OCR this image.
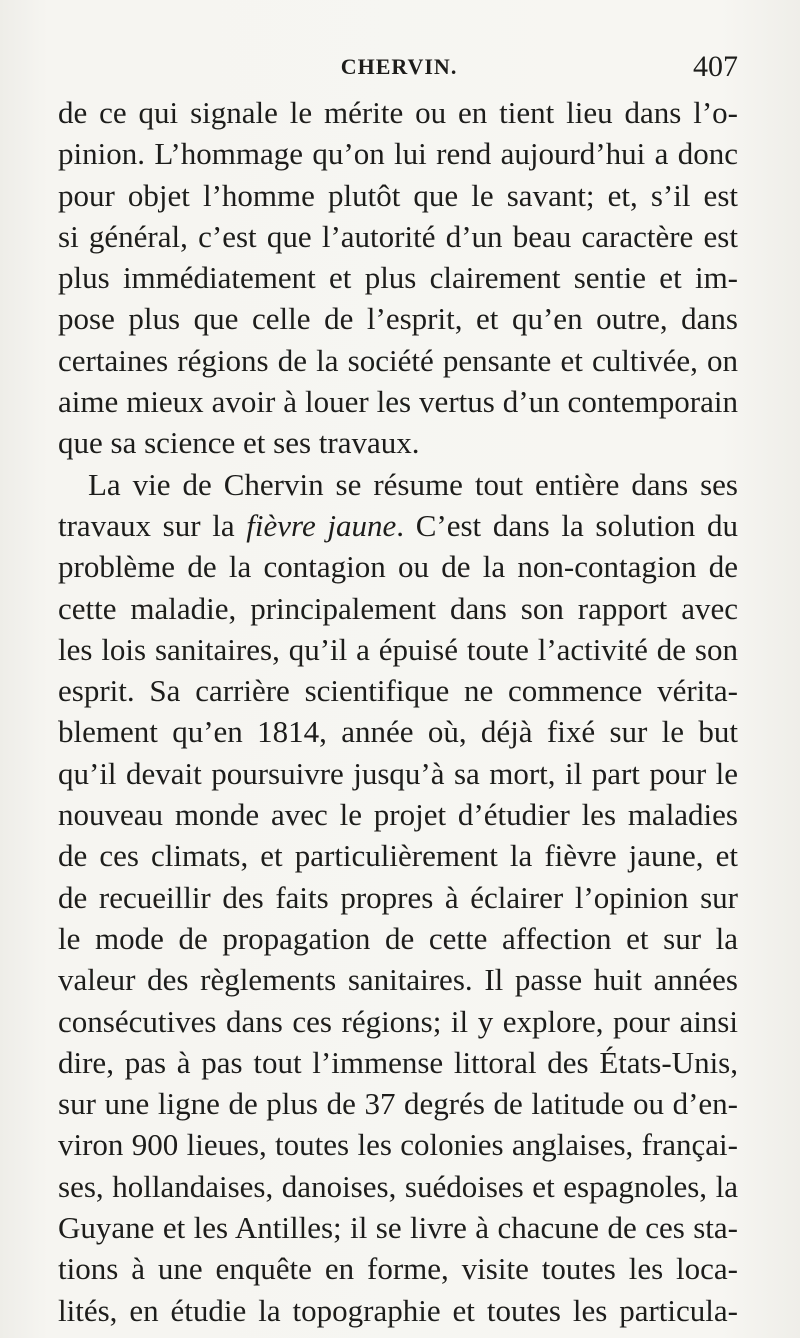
CHERVIN.	407
de ce qui signale le mérite ou en tient lieu dans l’o-
pinion. L’hommage qu’on lui rend aujourd’hui a donc
pour objet l’homme plutôt que le savant; et, s’il est
si général, c’est que l’autorité d’un beau caractère est
plus immédiatement et plus clairement sentie et im-
pose plus que celle de l’esprit, et qu’en outre, dans
certaines régions de la société pensante et cultivée, on
aime mieux avoir à louer les vertus d’un contemporain
que sa science et ses travaux.
La vie de Chervin se résume tout entière dans ses
travaux sur la fièvre jaune. C’est dans la solution du
problème de la contagion ou de la non-contagion de
cette maladie, principalement dans son rapport avec
les lois sanitaires, qu’il a épuisé toute l’activité de son
esprit. Sa carrière scientifique ne commence vérita-
blement qu’en 1814, année où, déjà fixé sur le but
qu’il devait poursuivre jusqu’à sa mort, il part pour le
nouveau monde avec le projet d’étudier les maladies
de ces climats, et particulièrement la fièvre jaune, et
de recueillir des faits propres à éclairer l’opinion sur
le mode de propagation de cette affection et sur la
valeur des règlements sanitaires. Il passe huit années
consécutives dans ces régions; il y explore, pour ainsi
dire, pas à pas tout l’immense littoral des États-Unis,
sur une ligne de plus de 37 degrés de latitude ou d’en-
viron 900 lieues, toutes les colonies anglaises, françai-
ses, hollandaises, danoises, suédoises et espagnoles, la
Guyane et les Antilles; il se livre à chacune de ces sta-
tions à une enquête en forme, visite toutes les loca-
lités, en étudie la topographie et toutes les particula-
